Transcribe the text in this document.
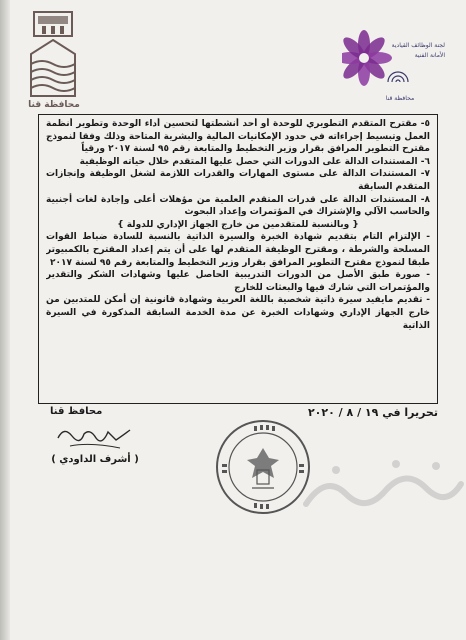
محافظة قنا
لجنة الوظائف القيادية
الأمانة الفنية
محافظة قنا

٥- مقترح المتقدم التطويري للوحدة أو أحد أنشطتها لتحسين أداء الوحدة وتطوير أنظمة العمل وتبسيط إجراءاته في حدود الإمكانيات المالية والبشرية المتاحة وذلك وفقا لنموذج مقترح التطوير المرافق بقرار وزير التخطيط والمتابعة رقم ٩٥ لسنة ٢٠١٧ ورقياً

٦- المستندات الدالة على الدورات التي حصل عليها المتقدم خلال حياته الوظيفية

٧- المستندات الدالة على مستوى المهارات والقدرات اللازمة لشغل الوظيفة وإنجازات المتقدم السابقة

٨- المستندات الدالة على قدرات المتقدم العلمية من مؤهلات أعلى وإجادة لغات أجنبية والحاسب الآلي والإشتراك في المؤتمرات وإعداد البحوث

{ وبالنسبة للمتقدمين من خارج الجهاز الإداري للدولة }

- الإلتزام التام بتقديم شهادة الخبرة والسيرة الذاتية بالنسبة للسادة ضباط القوات المسلحة والشرطة ، ومقترح الوظيفة المتقدم لها على أن يتم إعداد المقترح بالكمبيوتر طبقا لنموذج مقترح التطوير المرافق بقرار وزير التخطيط والمتابعة رقم ٩٥ لسنة ٢٠١٧

- صورة طبق الأصل من الدورات التدريبية الحاصل عليها وشهادات الشكر والتقدير والمؤتمرات التي شارك فيها والبعثات للخارج

- تقديم مايفيد سيرة ذاتية شخصية باللغة العربية وشهادة قانونية إن أمكن للمتدبين من خارج الجهاز الإداري وشهادات الخبرة عن مدة الخدمة السابقة المذكورة في السيرة الذاتية

تحريرا في ١٩ / ٨ / ٢٠٢٠
محافظ قنا
( أشرف الداودي )
